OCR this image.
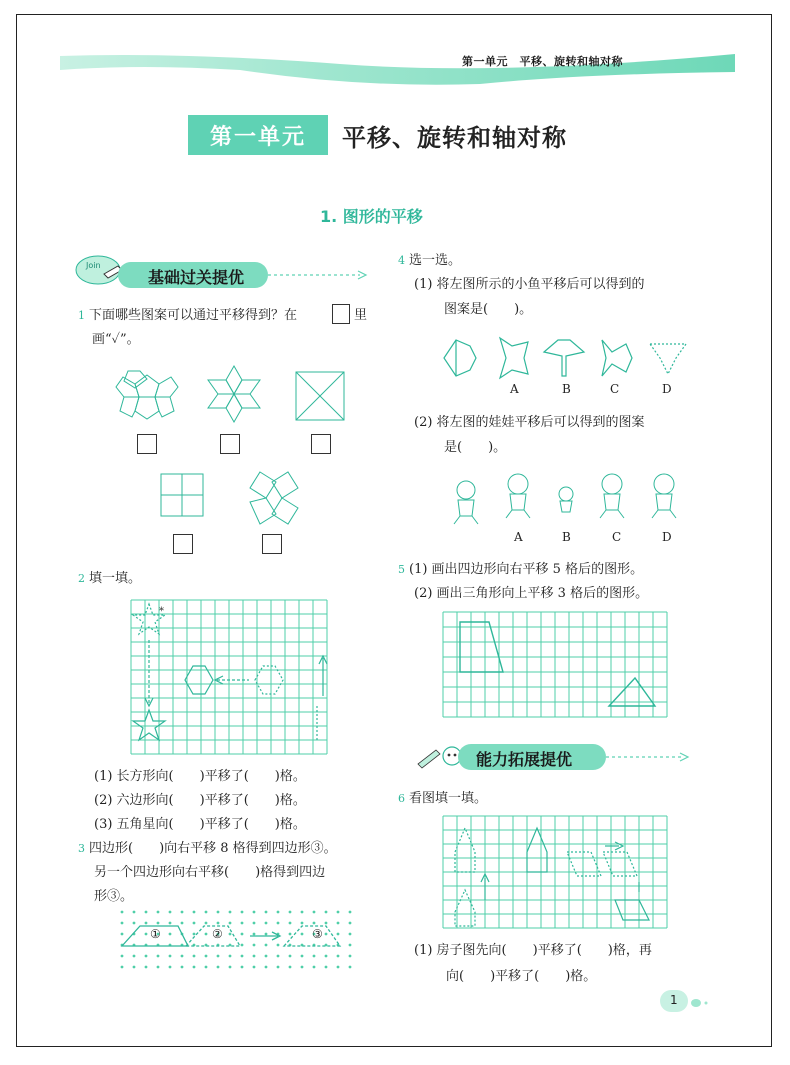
第一单元　平移、旋转和轴对称
第一单元	平移、旋转和轴对称
1. 图形的平移
Join
基础过关提优
1 下面哪些图案可以通过平移得到？在	里
画“✓”。
2 填一填。
*
(1) 长方形向(　　)平移了(　　)格。
(2) 六边形向(　　)平移了(　　)格。
(3) 五角星向(　　)平移了(　　)格。
3 四边形(　　)向右平移 8 格得到四边形③。
另一个四边形向右平移(　　)格得到四边
形③。
①	②	③
4 选一选。
(1) 将左图所示的小鱼平移后可以得到的
图案是(　　)。
A	B	C	D
(2) 将左图的娃娃平移后可以得到的图案
是(　　)。
A	B	C	D
5 (1) 画出四边形向右平移 5 格后的图形。
(2) 画出三角形向上平移 3 格后的图形。
能力拓展提优
6 看图填一填。
(1) 房子图先向(　　)平移了(　　)格，再
向(　　)平移了(　　)格。
1
